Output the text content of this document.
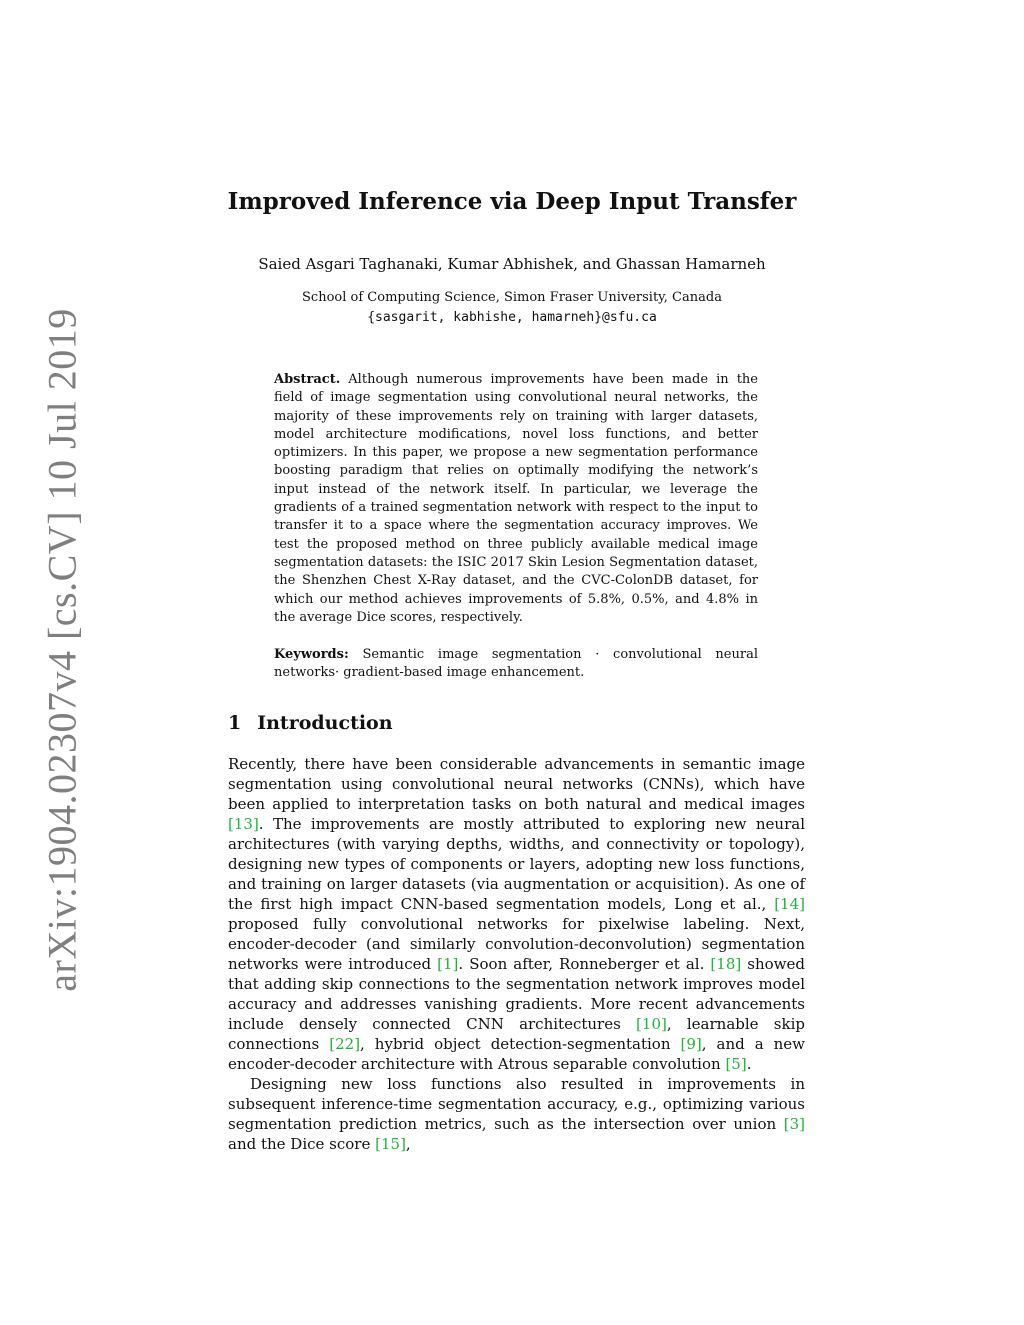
arXiv:1904.02307v4 [cs.CV] 10 Jul 2019
Improved Inference via Deep Input Transfer
Saied Asgari Taghanaki, Kumar Abhishek, and Ghassan Hamarneh
School of Computing Science, Simon Fraser University, Canada
{sasgarit, kabhishe, hamarneh}@sfu.ca
Abstract. Although numerous improvements have been made in the field of image segmentation using convolutional neural networks, the majority of these improvements rely on training with larger datasets, model architecture modifications, novel loss functions, and better optimizers. In this paper, we propose a new segmentation performance boosting paradigm that relies on optimally modifying the network’s input instead of the network itself. In particular, we leverage the gradients of a trained segmentation network with respect to the input to transfer it to a space where the segmentation accuracy improves. We test the proposed method on three publicly available medical image segmentation datasets: the ISIC 2017 Skin Lesion Segmentation dataset, the Shenzhen Chest X-Ray dataset, and the CVC-ColonDB dataset, for which our method achieves improvements of 5.8%, 0.5%, and 4.8% in the average Dice scores, respectively.
Keywords: Semantic image segmentation · convolutional neural networks· gradient-based image enhancement.
1 Introduction

Recently, there have been considerable advancements in semantic image segmentation using convolutional neural networks (CNNs), which have been applied to interpretation tasks on both natural and medical images [13]. The improvements are mostly attributed to exploring new neural architectures (with varying depths, widths, and connectivity or topology), designing new types of components or layers, adopting new loss functions, and training on larger datasets (via augmentation or acquisition). As one of the first high impact CNN-based segmentation models, Long et al., [14] proposed fully convolutional networks for pixelwise labeling. Next, encoder-decoder (and similarly convolution-deconvolution) segmentation networks were introduced [1]. Soon after, Ronneberger et al. [18] showed that adding skip connections to the segmentation network improves model accuracy and addresses vanishing gradients. More recent advancements include densely connected CNN architectures [10], learnable skip connections [22], hybrid object detection-segmentation [9], and a new encoder-decoder architecture with Atrous separable convolution [5].

Designing new loss functions also resulted in improvements in subsequent inference-time segmentation accuracy, e.g., optimizing various segmentation prediction metrics, such as the intersection over union [3] and the Dice score [15],
